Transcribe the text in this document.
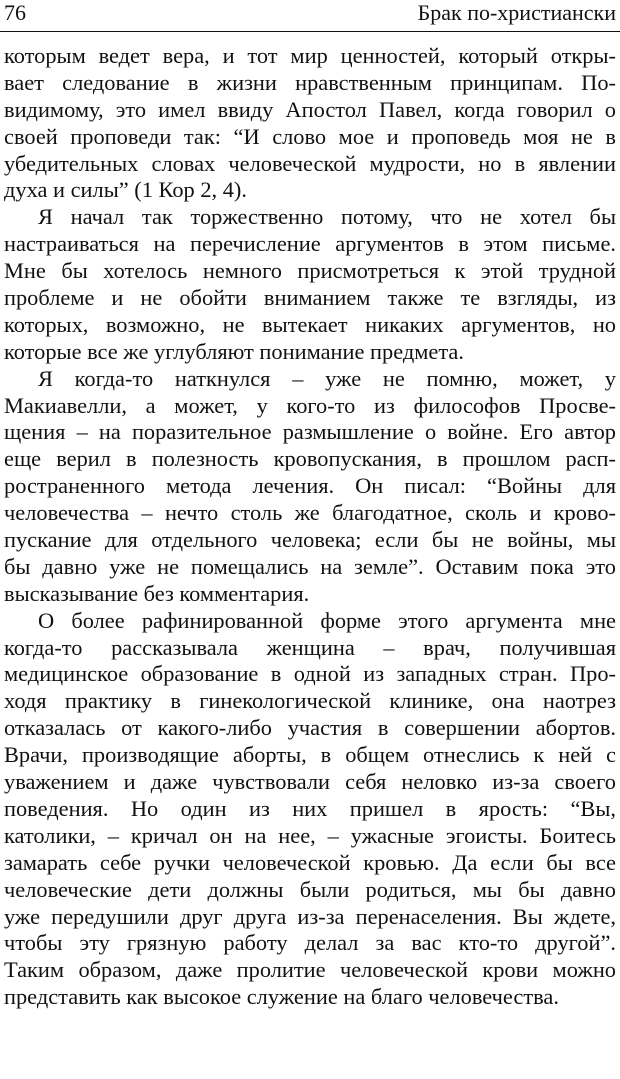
76	Брак по-христиански
которым ведет вера, и тот мир ценностей, который откры-
вает следование в жизни нравственным принципам. По-
видимому, это имел ввиду Апостол Павел, когда говорил о
своей проповеди так: “И слово мое и проповедь моя не в
убедительных словах человеческой мудрости, но в явлении
духа и силы” (1 Кор 2, 4).
Я начал так торжественно потому, что не хотел бы
настраиваться на перечисление аргументов в этом письме.
Мне бы хотелось немного присмотреться к этой трудной
проблеме и не обойти вниманием также те взгляды, из
которых, возможно, не вытекает никаких аргументов, но
которые все же углубляют понимание предмета.
Я когда-то наткнулся – уже не помню, может, у
Макиавелли, а может, у кого-то из философов Просве-
щения – на поразительное размышление о войне. Его автор
еще верил в полезность кровопускания, в прошлом расп-
ространенного метода лечения. Он писал: “Войны для
человечества – нечто столь же благодатное, сколь и крово-
пускание для отдельного человека; если бы не войны, мы
бы давно уже не помещались на земле”. Оставим пока это
высказывание без комментария.
О более рафинированной форме этого аргумента мне
когда-то рассказывала женщина – врач, получившая
медицинское образование в одной из западных стран. Про-
ходя практику в гинекологической клинике, она наотрез
отказалась от какого-либо участия в совершении абортов.
Врачи, производящие аборты, в общем отнеслись к ней с
уважением и даже чувствовали себя неловко из-за своего
поведения. Но один из них пришел в ярость: “Вы,
католики, – кричал он на нее, – ужасные эгоисты. Боитесь
замарать себе ручки человеческой кровью. Да если бы все
человеческие дети должны были родиться, мы бы давно
уже передушили друг друга из-за перенаселения. Вы ждете,
чтобы эту грязную работу делал за вас кто-то другой”.
Таким образом, даже пролитие человеческой крови можно
представить как высокое служение на благо человечества.
